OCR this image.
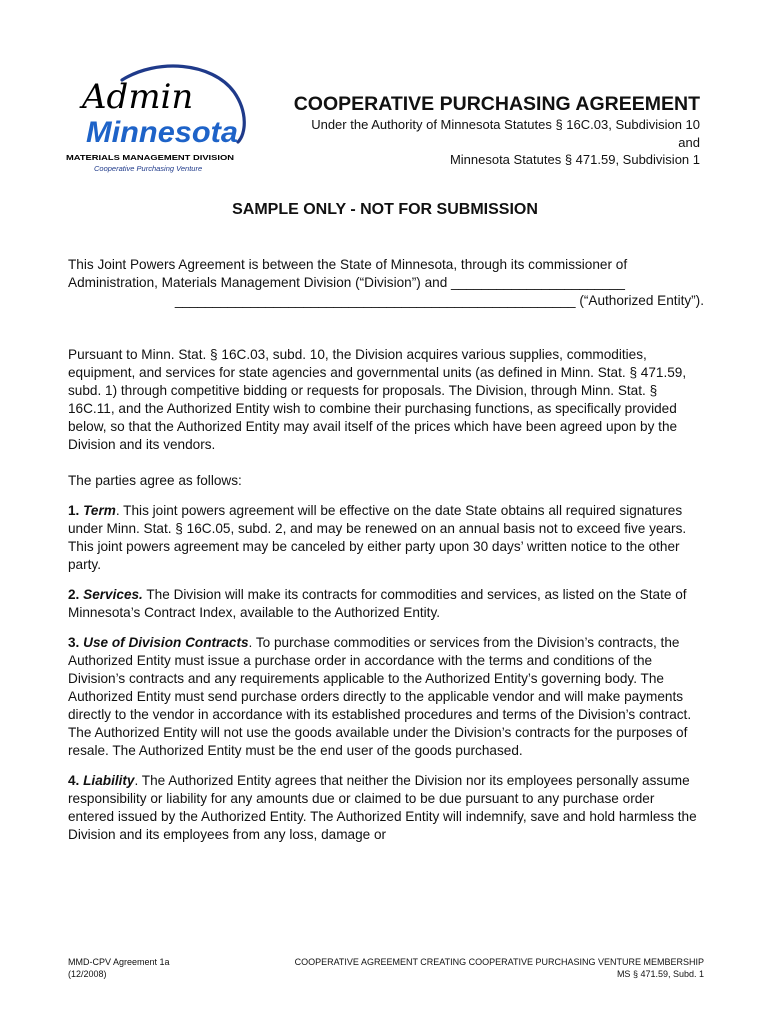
Admin
Minnesota
MATERIALS MANAGEMENT DIVISION
Cooperative Purchasing Venture

COOPERATIVE PURCHASING AGREEMENT

Under the Authority of Minnesota Statutes § 16C.03, Subdivision 10

and

Minnesota Statutes § 471.59, Subdivision 1

SAMPLE ONLY - NOT FOR SUBMISSION

This Joint Powers Agreement is between the State of Minnesota, through its commissioner of
Administration, Materials Management Division (“Division”) and _______________________
_____________________________________________________ (“Authorized Entity”).

Pursuant to Minn. Stat. § 16C.03, subd. 10, the Division acquires various supplies, commodities, equipment, and services for state agencies and governmental units (as defined in Minn. Stat. § 471.59, subd. 1) through competitive bidding or requests for proposals. The Division, through Minn. Stat. § 16C.11, and the Authorized Entity wish to combine their purchasing functions, as specifically provided below, so that the Authorized Entity may avail itself of the prices which have been agreed upon by the Division and its vendors.

The parties agree as follows:

1. Term. This joint powers agreement will be effective on the date State obtains all required signatures under Minn. Stat. § 16C.05, subd. 2, and may be renewed on an annual basis not to exceed five years. This joint powers agreement may be canceled by either party upon 30 days’ written notice to the other party.

2. Services. The Division will make its contracts for commodities and services, as listed on the State of Minnesota’s Contract Index, available to the Authorized Entity.

3. Use of Division Contracts. To purchase commodities or services from the Division’s contracts, the Authorized Entity must issue a purchase order in accordance with the terms and conditions of the Division’s contracts and any requirements applicable to the Authorized Entity’s governing body. The Authorized Entity must send purchase orders directly to the applicable vendor and will make payments directly to the vendor in accordance with its established procedures and terms of the Division’s contract. The Authorized Entity will not use the goods available under the Division’s contracts for the purposes of resale. The Authorized Entity must be the end user of the goods purchased.

4. Liability. The Authorized Entity agrees that neither the Division nor its employees personally assume responsibility or liability for any amounts due or claimed to be due pursuant to any purchase order entered issued by the Authorized Entity. The Authorized Entity will indemnify, save and hold harmless the Division and its employees from any loss, damage or

MMD-CPV Agreement 1a
(12/2008)
COOPERATIVE AGREEMENT CREATING COOPERATIVE PURCHASING VENTURE MEMBERSHIP
MS § 471.59, Subd. 1
